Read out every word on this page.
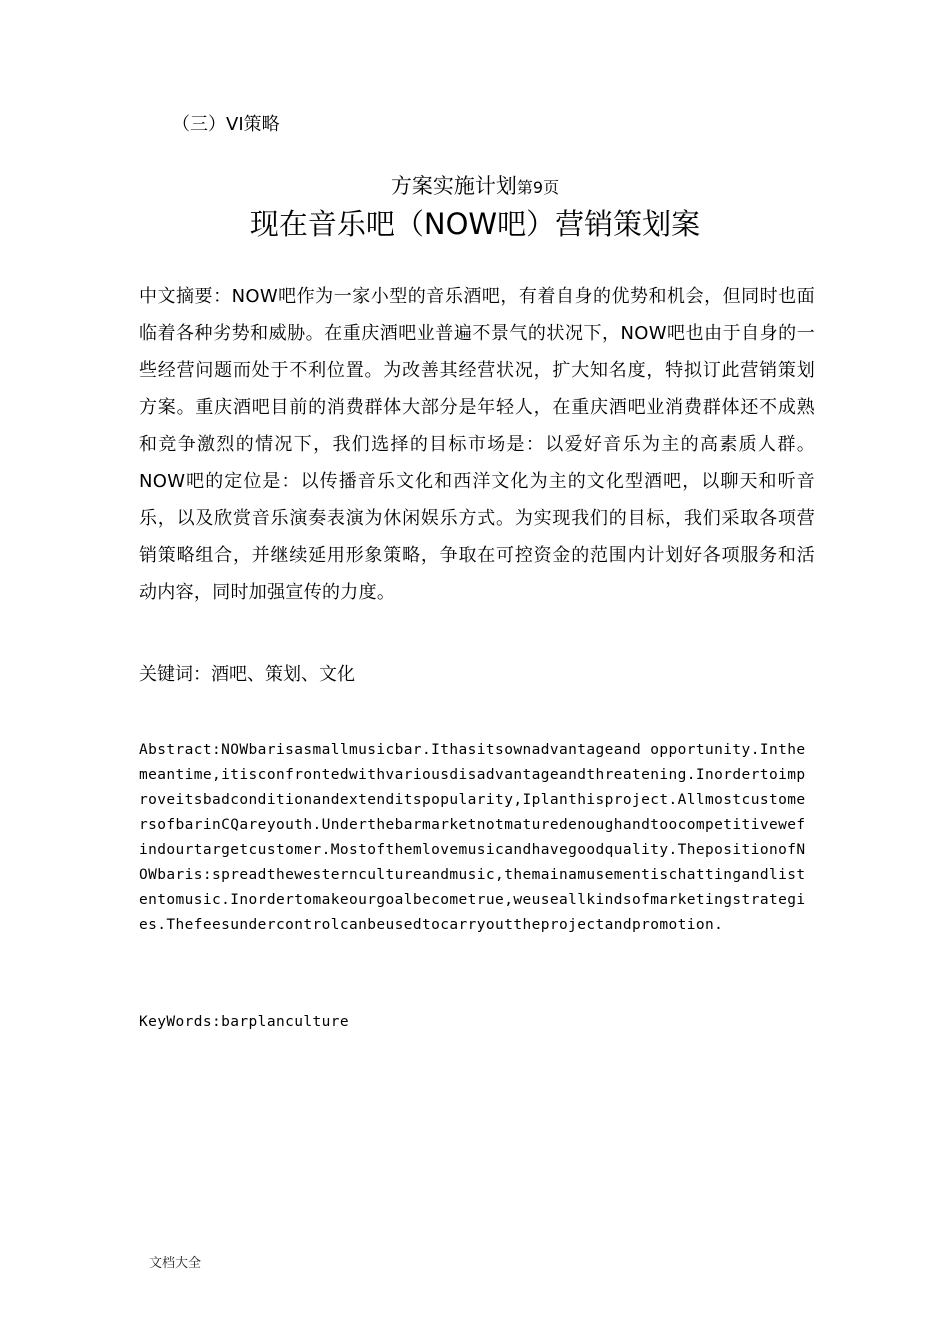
（三）VI策略
方案实施计划第9页
现在音乐吧（NOW吧）营销策划案
中文摘要：NOW吧作为一家小型的音乐酒吧，有着自身的优势和机会，但同时也面临着各种劣势和威胁。在重庆酒吧业普遍不景气的状况下，NOW吧也由于自身的一些经营问题而处于不利位置。为改善其经营状况，扩大知名度，特拟订此营销策划方案。重庆酒吧目前的消费群体大部分是年轻人，在重庆酒吧业消费群体还不成熟和竞争激烈的情况下，我们选择的目标市场是：以爱好音乐为主的高素质人群。NOW吧的定位是：以传播音乐文化和西洋文化为主的文化型酒吧，以聊天和听音乐，以及欣赏音乐演奏表演为休闲娱乐方式。为实现我们的目标，我们采取各项营销策略组合，并继续延用形象策略，争取在可控资金的范围内计划好各项服务和活动内容，同时加强宣传的力度。
关键词：酒吧、策划、文化
Abstract:NOWbarisasmallmusicbar.Ithasitsownadvantageand opportunity.Inthemeantime,itisconfrontedwithvariousdisadvantageandthreatening.Inordertoimproveitsbadconditionandextenditspopularity,Iplanthisproject.AllmostcustomersofbarinCQareyouth.Underthebarmarketnotmaturedenoughandtoocompetitivewefindourtargetcustomer.Mostofthemlovemusicandhavegoodquality.ThepositionofNOWbaris:spreadthewesterncultureandmusic,themainamusementischattingandlistentomusic.Inordertomakeourgoalbecometrue,weuseallkindsofmarketingstrategies.Thefeesundercontrolcanbeusedtocarryouttheprojectandpromotion.
KeyWords:barplanculture
文档大全
